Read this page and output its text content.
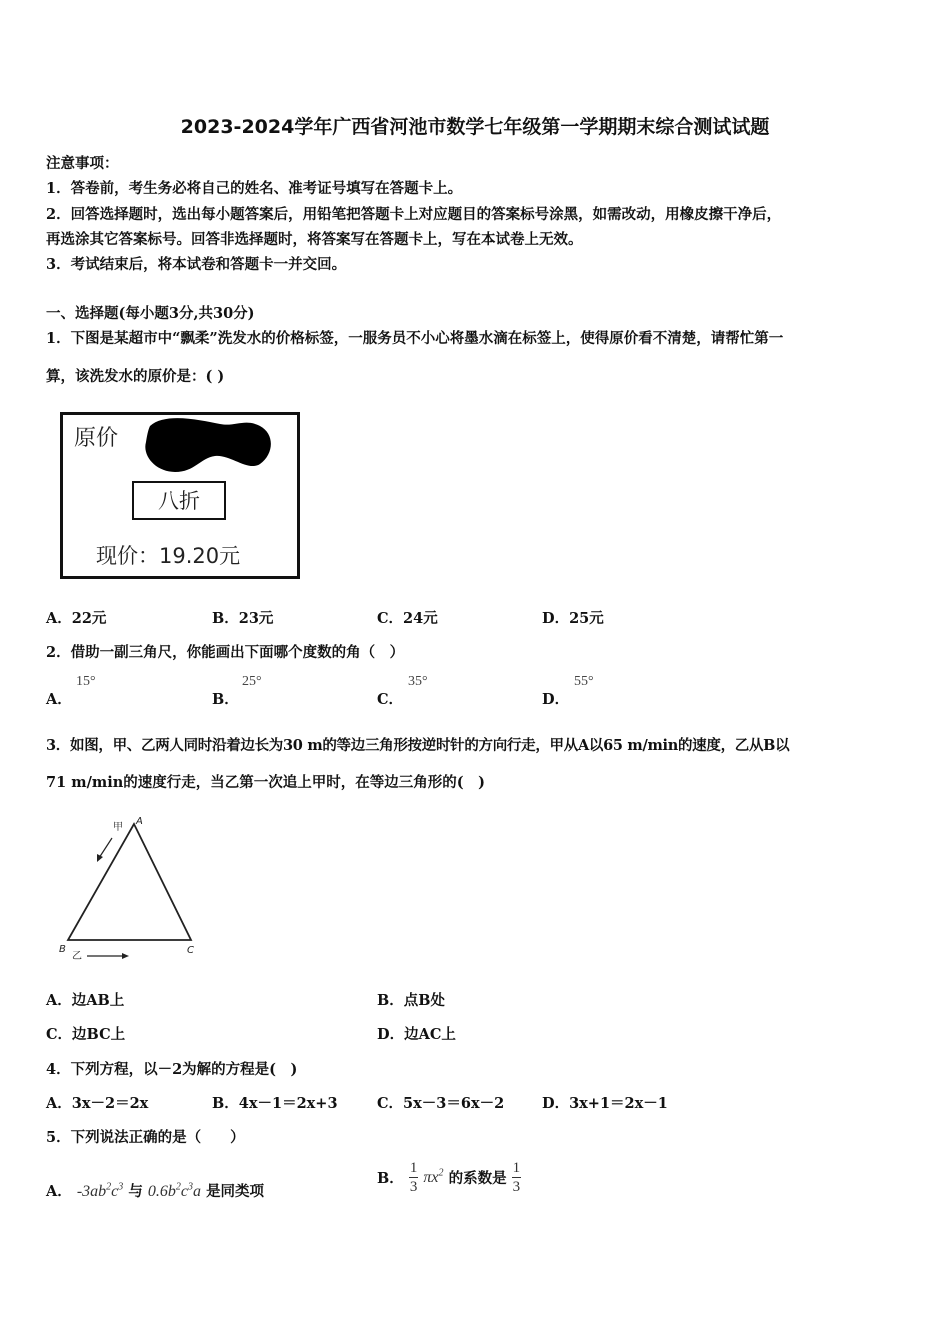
2023-2024学年广西省河池市数学七年级第一学期期末综合测试试题
注意事项：
1．答卷前，考生务必将自己的姓名、准考证号填写在答题卡上。
2．回答选择题时，选出每小题答案后，用铅笔把答题卡上对应题目的答案标号涂黑，如需改动，用橡皮擦干净后，
再选涂其它答案标号。回答非选择题时，将答案写在答题卡上，写在本试卷上无效。
3．考试结束后，将本试卷和答题卡一并交回。
一、选择题(每小题3分,共30分)
1．下图是某超市中“飘柔”洗发水的价格标签，一服务员不小心将墨水滴在标签上，使得原价看不清楚，请帮忙第一
算，该洗发水的原价是：( )
原价
八折
现价：19.20元
A．22元	B．23元	C．24元	D．25元
2．借助一副三角尺，你能画出下面哪个度数的角（　）
A．
15°
B．
25°
C．
35°
D．
55°
3．如图，甲、乙两人同时沿着边长为30 m的等边三角形按逆时针的方向行走，甲从A以65 m/min的速度，乙从B以
71 m/min的速度行走，当乙第一次追上甲时，在等边三角形的(　)
A
B	C
甲
乙
A．边AB上	B．点B处
C．边BC上	D．边AC上
4．下列方程，以－2为解的方程是(　)
A．3x－2＝2x	B．4x－1＝2x+3	C．5x－3＝6x－2	D．3x+1＝2x－1
5．下列说法正确的是（　　）
A． $-3ab^2c^3$ 与 $0.6b^2c^3a$ 是同类项
B． $\frac{1}{3} \pi x^2$ 的系数是 $\frac{1}{3}$
